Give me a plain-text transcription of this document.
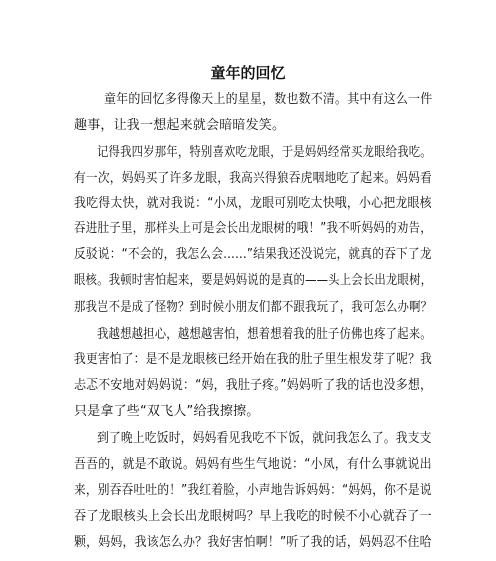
童年的回忆

童年的回忆多得像天上的星星，数也数不清。其中有这么一件

趣事，让我一想起来就会暗暗发笑。

记得我四岁那年，特别喜欢吃龙眼，于是妈妈经常买龙眼给我吃。

有一次，妈妈买了许多龙眼，我高兴得狼吞虎咽地吃了起来。妈妈看

我吃得太快，就对我说：“小凤，龙眼可别吃太快哦，小心把龙眼核

吞进肚子里，那样头上可是会长出龙眼树的哦！”我不听妈妈的劝告，

反驳说：“不会的，我怎么会……”结果我还没说完，就真的吞下了龙

眼核。我顿时害怕起来，要是妈妈说的是真的——头上会长出龙眼树，

那我岂不是成了怪物？到时候小朋友们都不跟我玩了，我可怎么办啊？

我越想越担心，越想越害怕，想着想着我的肚子仿佛也疼了起来。

我更害怕了：是不是龙眼核已经开始在我的肚子里生根发芽了呢？我

忐忑不安地对妈妈说：“妈，我肚子疼。”妈妈听了我的话也没多想，

只是拿了些“双飞人”给我擦擦。

到了晚上吃饭时，妈妈看见我吃不下饭，就问我怎么了。我支支

吾吾的，就是不敢说。妈妈有些生气地说：“小凤，有什么事就说出

来，别吞吞吐吐的！”我红着脸，小声地告诉妈妈：“妈妈，你不是说

吞了龙眼核头上会长出龙眼树吗？早上我吃的时候不小心就吞了一

颗，妈妈，我该怎么办？我好害怕啊！”听了我的话，妈妈忍不住哈
